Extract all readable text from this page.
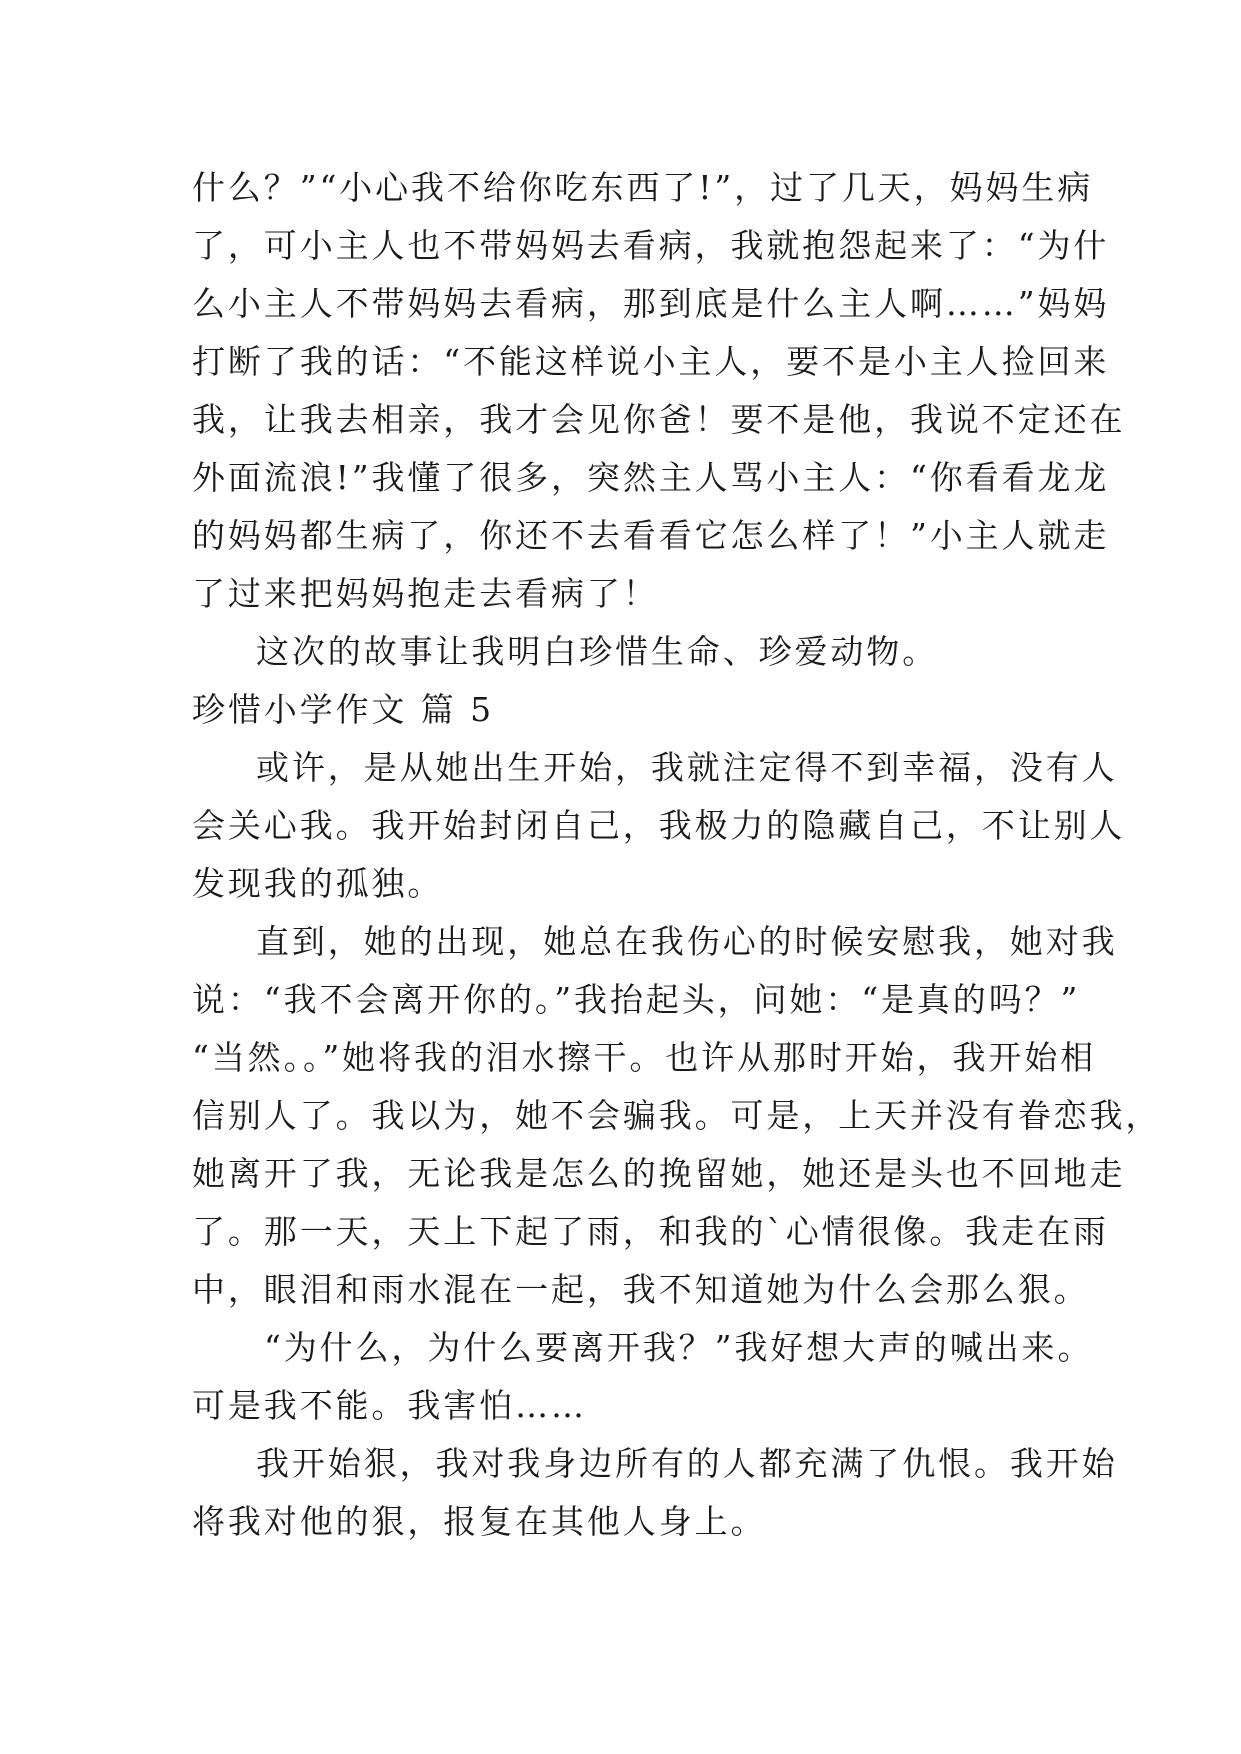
什么？”“小心我不给你吃东西了!”，过了几天，妈妈生病
了，可小主人也不带妈妈去看病，我就抱怨起来了：“为什
么小主人不带妈妈去看病，那到底是什么主人啊……”妈妈
打断了我的话：“不能这样说小主人，要不是小主人捡回来
我，让我去相亲，我才会见你爸！要不是他，我说不定还在
外面流浪!”我懂了很多，突然主人骂小主人：“你看看龙龙
的妈妈都生病了，你还不去看看它怎么样了！”小主人就走
了过来把妈妈抱走去看病了！
这次的故事让我明白珍惜生命、珍爱动物。
珍惜小学作文 篇 5
或许，是从她出生开始，我就注定得不到幸福，没有人
会关心我。我开始封闭自己，我极力的隐藏自己，不让别人
发现我的孤独。
直到，她的出现，她总在我伤心的时候安慰我，她对我
说：“我不会离开你的。”我抬起头，问她：“是真的吗？”
“当然。。”她将我的泪水擦干。也许从那时开始，我开始相
信别人了。我以为，她不会骗我。可是，上天并没有眷恋我，
她离开了我，无论我是怎么的挽留她，她还是头也不回地走
了。那一天，天上下起了雨，和我的`心情很像。我走在雨
中，眼泪和雨水混在一起，我不知道她为什么会那么狠。
“为什么，为什么要离开我？”我好想大声的喊出来。
可是我不能。我害怕……
我开始狠，我对我身边所有的人都充满了仇恨。我开始
将我对他的狠，报复在其他人身上。
